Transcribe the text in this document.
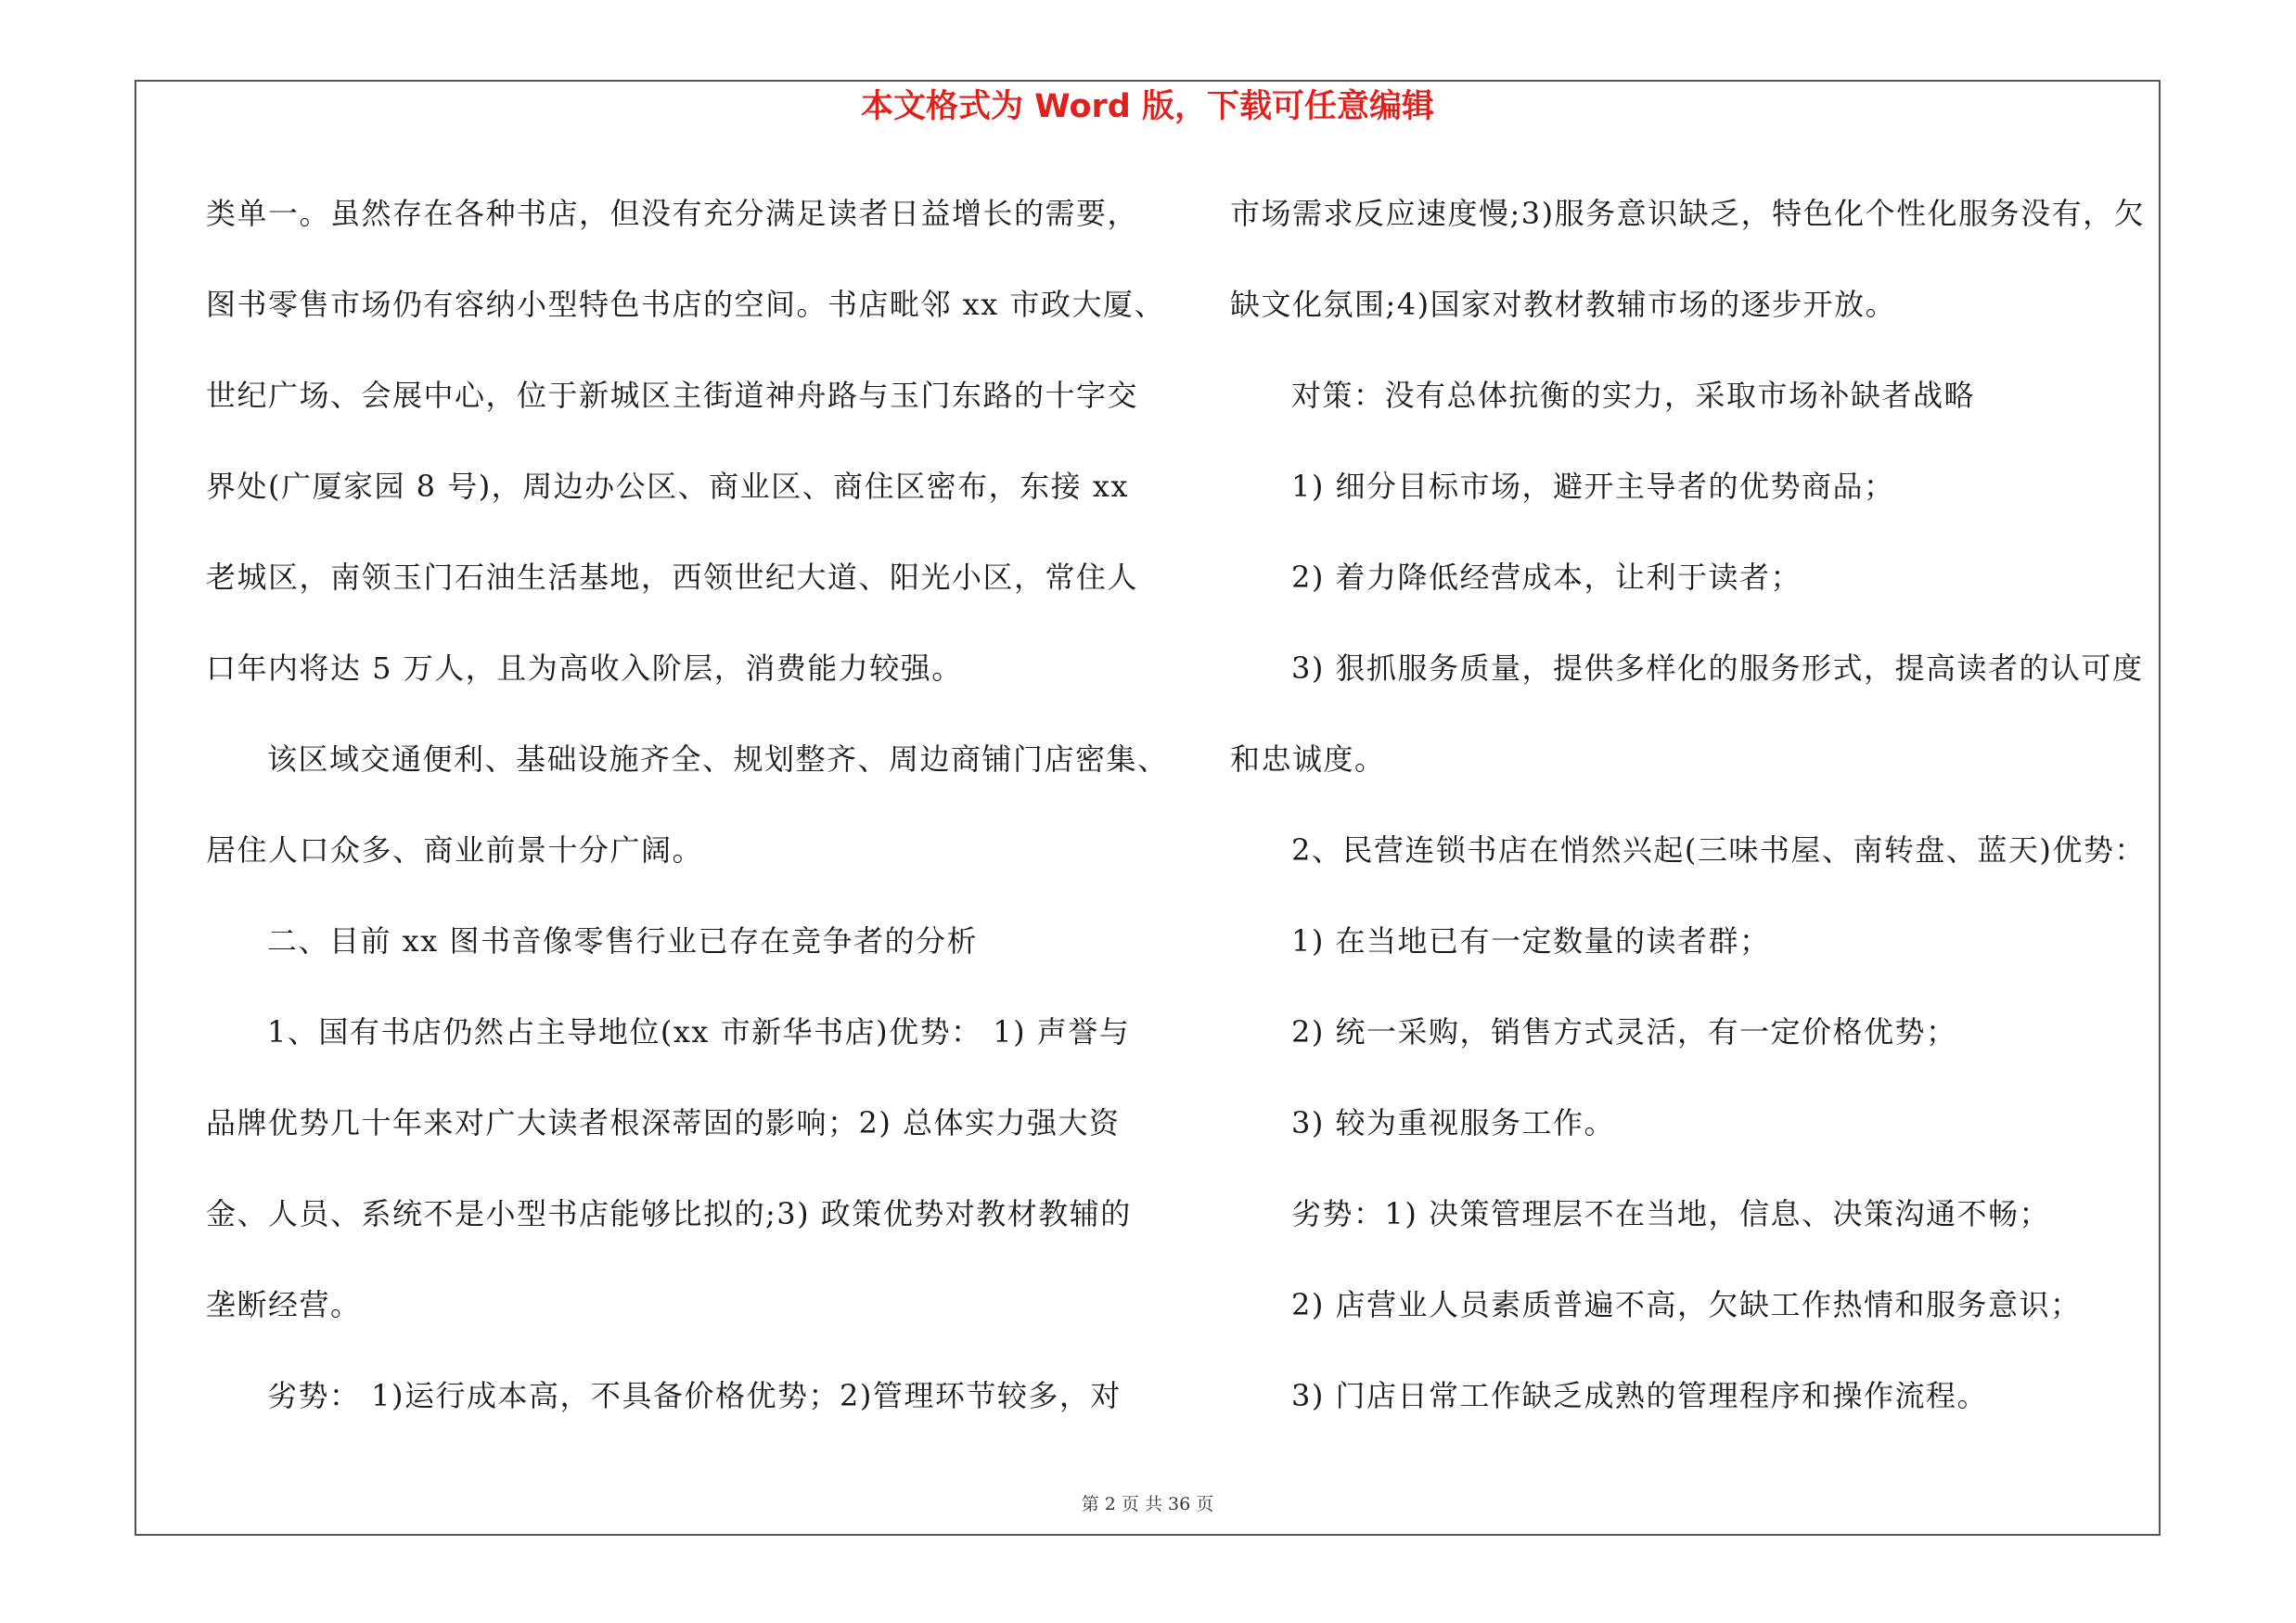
本文格式为 Word 版，下载可任意编辑
类单一。虽然存在各种书店，但没有充分满足读者日益增长的需要，
图书零售市场仍有容纳小型特色书店的空间。书店毗邻 xx 市政大厦、
世纪广场、会展中心，位于新城区主街道神舟路与玉门东路的十字交
界处(广厦家园 8 号)，周边办公区、商业区、商住区密布，东接 xx
老城区，南领玉门石油生活基地，西领世纪大道、阳光小区，常住人
口年内将达 5 万人，且为高收入阶层，消费能力较强。
该区域交通便利、基础设施齐全、规划整齐、周边商铺门店密集、
居住人口众多、商业前景十分广阔。
二、目前 xx 图书音像零售行业已存在竞争者的分析
1、国有书店仍然占主导地位(xx 市新华书店)优势： 1) 声誉与
品牌优势几十年来对广大读者根深蒂固的影响；2) 总体实力强大资
金、人员、系统不是小型书店能够比拟的;3) 政策优势对教材教辅的
垄断经营。
劣势： 1)运行成本高，不具备价格优势；2)管理环节较多，对
市场需求反应速度慢;3)服务意识缺乏，特色化个性化服务没有，欠
缺文化氛围;4)国家对教材教辅市场的逐步开放。
对策：没有总体抗衡的实力，采取市场补缺者战略
1) 细分目标市场，避开主导者的优势商品；
2) 着力降低经营成本，让利于读者；
3) 狠抓服务质量，提供多样化的服务形式，提高读者的认可度
和忠诚度。
2、民营连锁书店在悄然兴起(三味书屋、南转盘、蓝天)优势：
1) 在当地已有一定数量的读者群；
2) 统一采购，销售方式灵活，有一定价格优势；
3) 较为重视服务工作。
劣势：1) 决策管理层不在当地，信息、决策沟通不畅；
2) 店营业人员素质普遍不高，欠缺工作热情和服务意识；
3) 门店日常工作缺乏成熟的管理程序和操作流程。
第 2 页 共 36 页
